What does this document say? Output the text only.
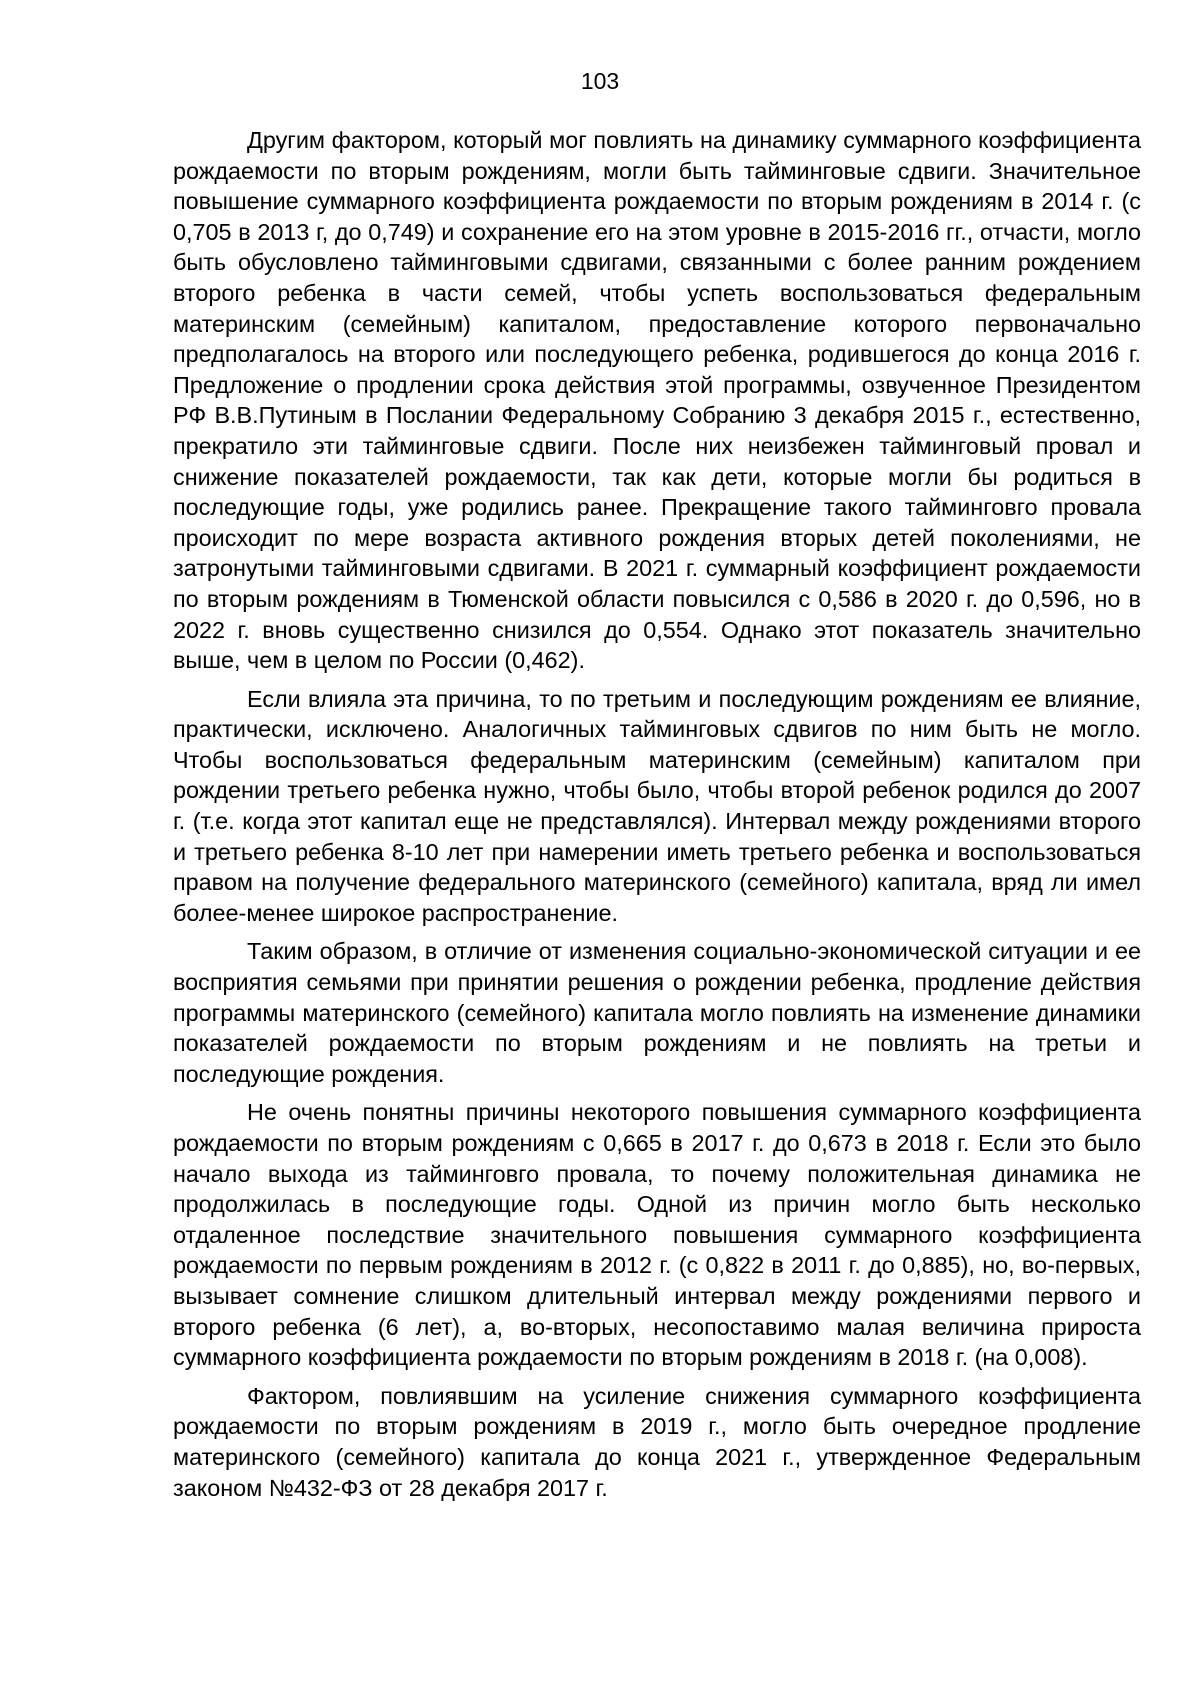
103

Другим фактором, который мог повлиять на динамику суммарного коэффициента рождаемости по вторым рождениям, могли быть тайминговые сдвиги. Значительное повышение суммарного коэффициента рождаемости по вторым рождениям в 2014 г. (с 0,705 в 2013 г, до 0,749) и сохранение его на этом уровне в 2015-2016 гг., отчасти, могло быть обусловлено тайминговыми сдвигами, связанными с более ранним рождением второго ребенка в части семей, чтобы успеть воспользоваться федеральным материнским (семейным) капиталом, предоставление которого первоначально предполагалось на второго или последующего ребенка, родившегося до конца 2016 г. Предложение о продлении срока действия этой программы, озвученное Президентом РФ В.В.Путиным в Послании Федеральному Собранию 3 декабря 2015 г., естественно, прекратило эти тайминговые сдвиги. После них неизбежен тайминговый провал и снижение показателей рождаемости, так как дети, которые могли бы родиться в последующие годы, уже родились ранее. Прекращение такого тайминговго провала происходит по мере возраста активного рождения вторых детей поколениями, не затронутыми тайминговыми сдвигами. В 2021 г. суммарный коэффициент рождаемости по вторым рождениям в Тюменской области повысился с 0,586 в 2020 г. до 0,596, но в 2022 г. вновь существенно снизился до 0,554. Однако этот показатель значительно выше, чем в целом по России (0,462).

Если влияла эта причина, то по третьим и последующим рождениям ее влияние, практически, исключено. Аналогичных тайминговых сдвигов по ним быть не могло. Чтобы воспользоваться федеральным материнским (семейным) капиталом при рождении третьего ребенка нужно, чтобы было, чтобы второй ребенок родился до 2007 г. (т.е. когда этот капитал еще не представлялся). Интервал между рождениями второго и третьего ребенка 8-10 лет при намерении иметь третьего ребенка и воспользоваться правом на получение федерального материнского (семейного) капитала, вряд ли имел более-менее широкое распространение.

Таким образом, в отличие от изменения социально-экономической ситуации и ее восприятия семьями при принятии решения о рождении ребенка, продление действия программы материнского (семейного) капитала могло повлиять на изменение динамики показателей рождаемости по вторым рождениям и не повлиять на третьи и последующие рождения.

Не очень понятны причины некоторого повышения суммарного коэффициента рождаемости по вторым рождениям с 0,665 в 2017 г. до 0,673 в 2018 г. Если это было начало выхода из тайминговго провала, то почему положительная динамика не продолжилась в последующие годы. Одной из причин могло быть несколько отдаленное последствие значительного повышения суммарного коэффициента рождаемости по первым рождениям в 2012 г. (с 0,822 в 2011 г. до 0,885), но, во-первых, вызывает сомнение слишком длительный интервал между рождениями первого и второго ребенка (6 лет), а, во-вторых, несопоставимо малая величина прироста суммарного коэффициента рождаемости по вторым рождениям в 2018 г. (на 0,008).

Фактором, повлиявшим на усиление снижения суммарного коэффициента рождаемости по вторым рождениям в 2019 г., могло быть очередное продление материнского (семейного) капитала до конца 2021 г., утвержденное Федеральным законом №432-ФЗ от 28 декабря 2017 г.
